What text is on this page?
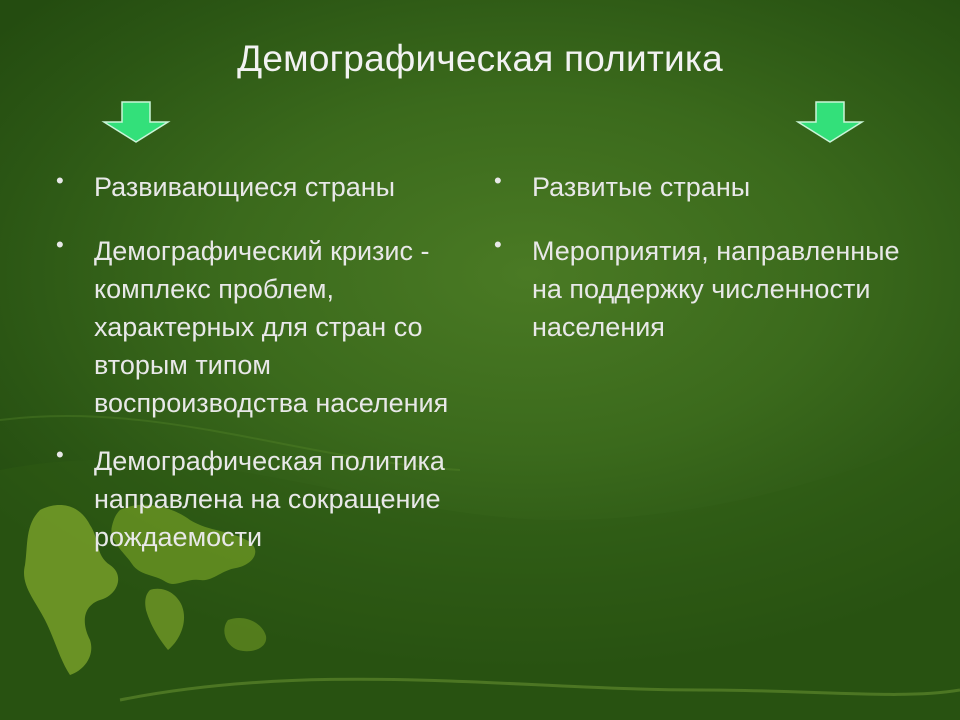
Демографическая политика
• Развивающиеся страны
• Демографический кризис - комплекс проблем, характерных для стран со вторым типом воспроизводства населения
• Демографическая политика направлена на сокращение рождаемости
• Развитые страны
• Мероприятия, направленные на поддержку численности населения
